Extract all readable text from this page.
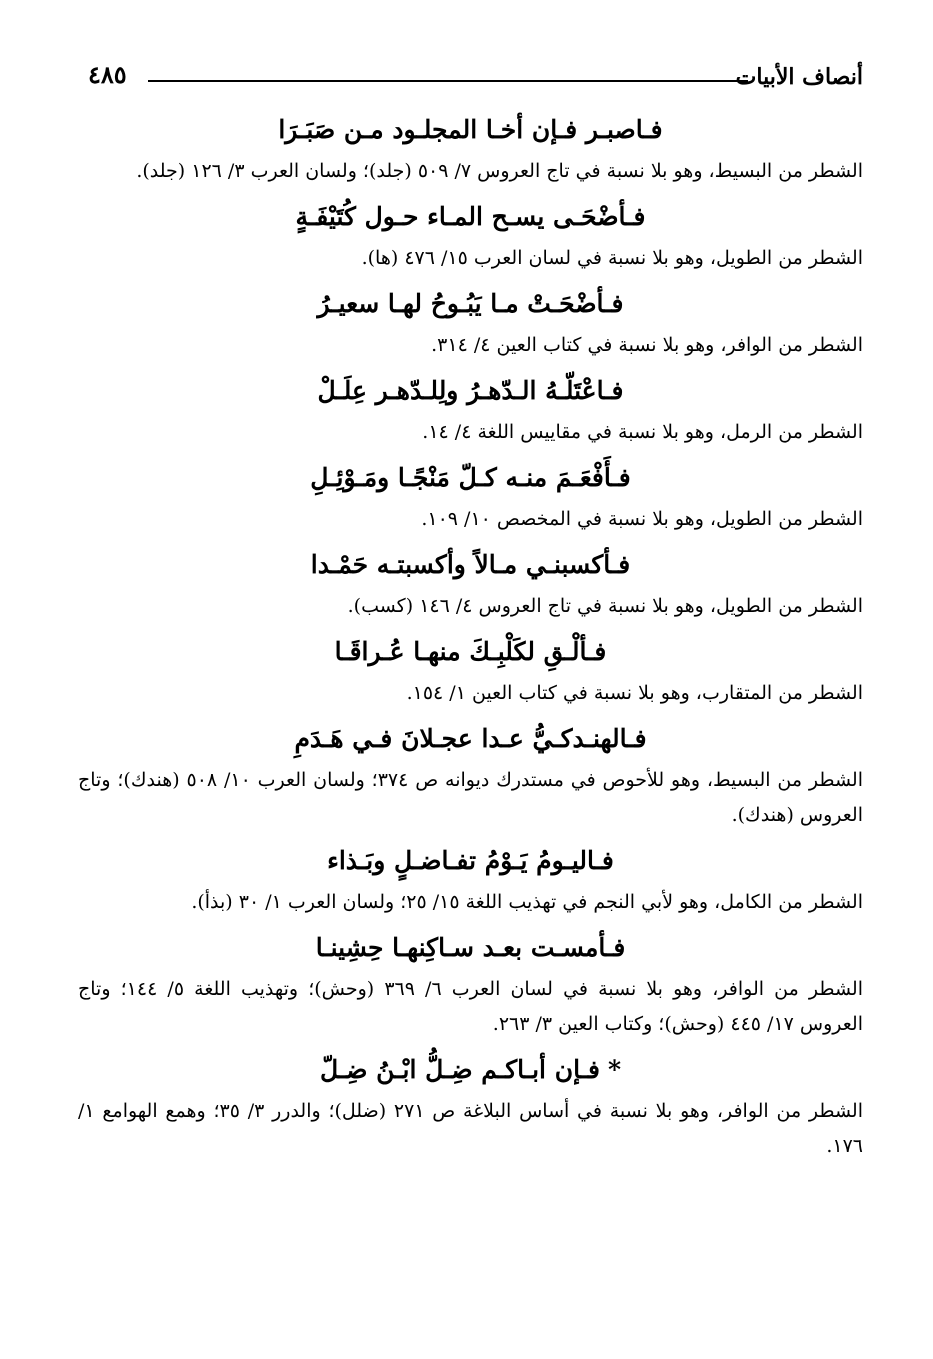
أنصاف الأبيات
٤٨٥

فـاصبـر فـإن أخـا المجلـود مـن صَبَـرَا

الشطر من البسيط، وهو بلا نسبة في تاج العروس ٧/ ٥٠٩ (جلد)؛ ولسان العرب ٣/ ١٢٦ (جلد).

فـأضْحَـى يسـح المـاء حـول كُتَيْفَـةٍ

الشطر من الطويل، وهو بلا نسبة في لسان العرب ١٥/ ٤٧٦ (ها).

فـأضْحَـتْ مـا يَبُـوحُ لهـا سعيـرُ

الشطر من الوافر، وهو بلا نسبة في كتاب العين ٤/ ٣١٤.

فـاعْتَلّـهُ الـدّهـرُ ولِلـدّهـر عِلَـلْ

الشطر من الرمل، وهو بلا نسبة في مقاييس اللغة ٤/ ١٤.

فـأَفْعَـمَ منـه كـلّ مَنْجًـا ومَـوْئِـلِ

الشطر من الطويل، وهو بلا نسبة في المخصص ١٠/ ١٠٩.

فـأكسبنـي مـالاً وأكسبتـه حَمْـدا

الشطر من الطويل، وهو بلا نسبة في تاج العروس ٤/ ١٤٦ (كسب).

فـألْـقِ لكَلْبِـكَ منهـا عُـراقَـا

الشطر من المتقارب، وهو بلا نسبة في كتاب العين ١/ ١٥٤.

فـالهنـدكـيُّ عـدا عجـلانَ فـي هَـدَمِ

الشطر من البسيط، وهو للأحوص في مستدرك ديوانه ص ٣٧٤؛ ولسان العرب ١٠/ ٥٠٨ (هندك)؛ وتاج العروس (هندك).

فـاليـومُ يَـوْمُ تفـاضـلٍ وبَـذاء

الشطر من الكامل، وهو لأبي النجم في تهذيب اللغة ١٥/ ٢٥؛ ولسان العرب ١/ ٣٠ (بذأ).

فـأمسـت بعـد سـاكِنهـا حِشِينـا

الشطر من الوافر، وهو بلا نسبة في لسان العرب ٦/ ٣٦٩ (وحش)؛ وتهذيب اللغة ٥/ ١٤٤؛ وتاج العروس ١٧/ ٤٤٥ (وحش)؛ وكتاب العين ٣/ ٢٦٣.

*فـإن أبـاكـم ضِـلُّ ابْـنُ ضِـلّ

الشطر من الوافر، وهو بلا نسبة في أساس البلاغة ص ٢٧١ (ضلل)؛ والدرر ٣/ ٣٥؛ وهمع الهوامع ١/ ١٧٦.
